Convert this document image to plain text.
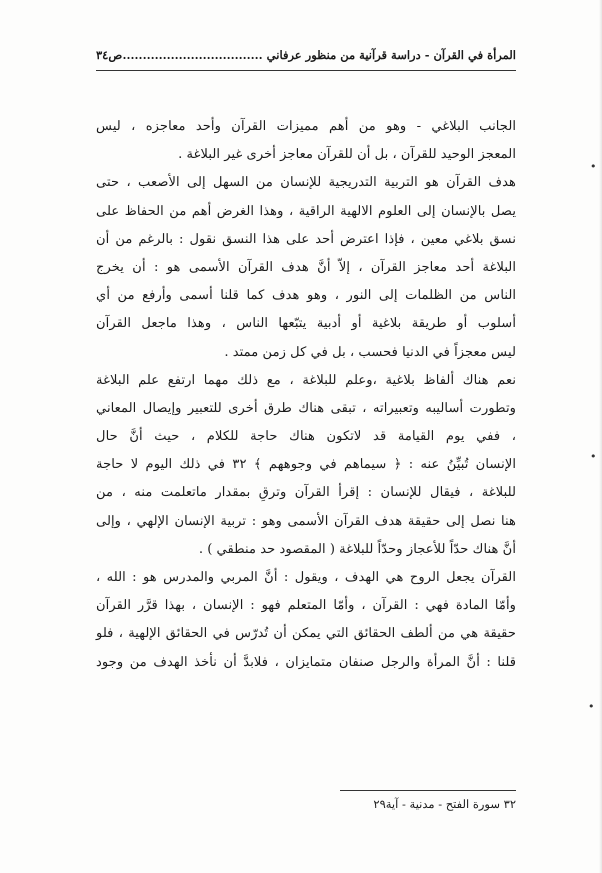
المرأة في القرآن - دراسة قرآنية من منظور عرفاني ...................................
ص٣٤
الجانب البلاغي - وهو من أهم مميزات القرآن وأحد معاجزه ، ليس
المعجز الوحيد للقرآن ، بل أن للقرآن معاجز أخرى غير البلاغة .
هدف القرآن هو التربية التدريجية للإنسان من السهل إلى الأصعب ، حتى
يصل بالإنسان إلى العلوم الالهية الراقية ، وهذا الغرض أهم من الحفاظ على
نسق بلاغي معين ، فإذا اعترض أحد على هذا النسق نقول : بالرغم من أن
البلاغة أحد معاجز القرآن ، إلاّ أنَّ هدف القرآن الأسمى هو : أن يخرج
الناس من الظلمات إلى النور ، وهو هدف كما قلنا أسمى وأرفع من أي
أسلوب أو طريقة بلاغية أو أدبية يتبّعها الناس ، وهذا ماجعل القرآن
ليس معجزاً في الدنيا فحسب ، بل في كل زمن ممتد .
نعم هناك ألفاظ بلاغية ،وعلم للبلاغة ، مع ذلك مهما ارتفع علم البلاغة
وتطورت أساليبه وتعبيراته ، تبقى هناك طرق أخرى للتعبير وإيصال المعاني
، ففي يوم القيامة قد لاتكون هناك حاجة للكلام ، حيث أنَّ حال
الإنسان تُبيِّنُ عنه : ﴿ سيماهم في وجوههم ﴾ ٣٢ في ذلك اليوم لا حاجة
للبلاغة ، فيقال للإنسان : إقرأ القرآن وترقِ بمقدار ماتعلمت منه ، من
هنا نصل إلى حقيقة هدف القرآن الأسمى وهو : تربية الإنسان الإلهي ، وإلى
أنَّ هناك حدّاً للأعجاز وحدّاً للبلاغة ( المقصود حد منطقي ) .
القرآن يجعل الروح هي الهدف ، ويقول : أنَّ المربي والمدرس هو : الله ،
وأمّا المادة فهي : القرآن ، وأمّا المتعلم فهو : الإنسان ، بهذا قرَّر القرآن
حقيقة هي من ألطف الحقائق التي يمكن أن تُدرّس في الحقائق الإلهية ، فلو
قلنا : أنَّ المرأة والرجل صنفان متمايزان ، فلابدَّ أن نأخذ الهدف من وجود
٣٢ سورة الفتح - مدنية - آية٢٩
•
•
•
